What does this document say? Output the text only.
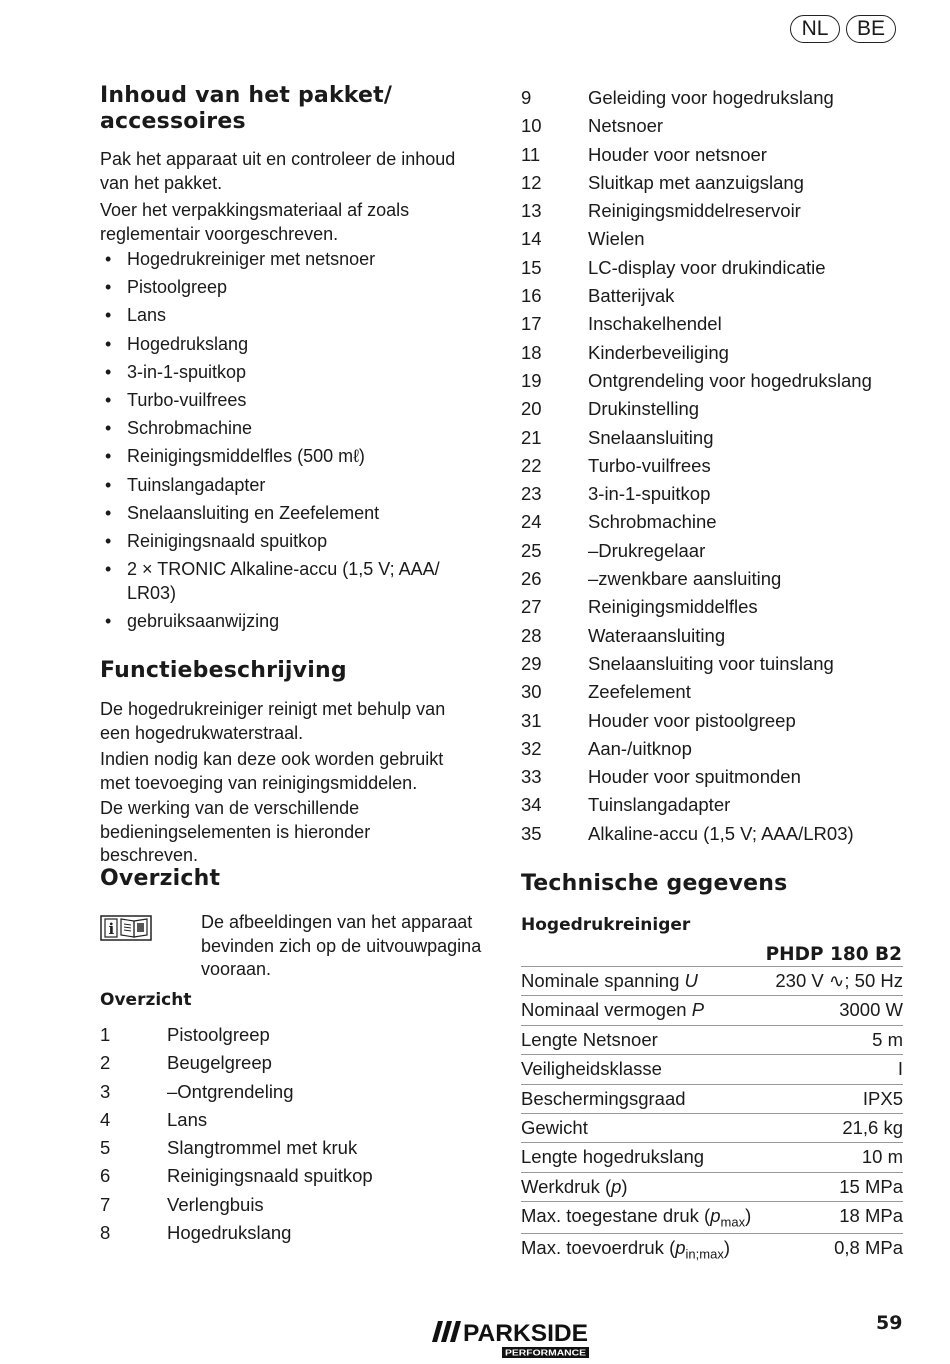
NL	BE
Inhoud van het pakket/
accessoires
Pak het apparaat uit en controleer de inhoud van het pakket.
Voer het verpakkingsmateriaal af zoals reglementair voorgeschreven.
• Hogedrukreiniger met netsnoer
• Pistoolgreep
• Lans
• Hogedrukslang
• 3-in-1-spuitkop
• Turbo-vuilfrees
• Schrobmachine
• Reinigingsmiddelfles (500 mℓ)
• Tuinslangadapter
• Snelaansluiting en Zeefelement
• Reinigingsnaald spuitkop
• 2 × TRONIC Alkaline-accu (1,5 V; AAA/ LR03)
• gebruiksaanwijzing
Functiebeschrijving
De hogedrukreiniger reinigt met behulp van een hogedrukwaterstraal.
Indien nodig kan deze ook worden gebruikt met toevoeging van reinigingsmiddelen.
De werking van de verschillende bedieningselementen is hieronder beschreven.
Overzicht
i	De afbeeldingen van het apparaat bevinden zich op de uitvouwpagina vooraan.
Overzicht
1	Pistoolgreep
2	Beugelgreep
3	–Ontgrendeling
4	Lans
5	Slangtrommel met kruk
6	Reinigingsnaald spuitkop
7	Verlengbuis
8	Hogedrukslang
9	Geleiding voor hogedrukslang
10	Netsnoer
11	Houder voor netsnoer
12	Sluitkap met aanzuigslang
13	Reinigingsmiddelreservoir
14	Wielen
15	LC-display voor drukindicatie
16	Batterijvak
17	Inschakelhendel
18	Kinderbeveiliging
19	Ontgrendeling voor hogedrukslang
20	Drukinstelling
21	Snelaansluiting
22	Turbo-vuilfrees
23	3-in-1-spuitkop
24	Schrobmachine
25	–Drukregelaar
26	–zwenkbare aansluiting
27	Reinigingsmiddelfles
28	Wateraansluiting
29	Snelaansluiting voor tuinslang
30	Zeefelement
31	Houder voor pistoolgreep
32	Aan-/uitknop
33	Houder voor spuitmonden
34	Tuinslangadapter
35	Alkaline-accu (1,5 V; AAA/LR03)
Technische gegevens
Hogedrukreiniger
PHDP 180 B2
Nominale spanning U	230 V ∿; 50 Hz
Nominaal vermogen P	3000 W
Lengte Netsnoer	5 m
Veiligheidsklasse	I
Beschermingsgraad	IPX5
Gewicht	21,6 kg
Lengte hogedrukslang	10 m
Werkdruk (p)	15 MPa
Max. toegestane druk $(p_{max})$	18 MPa
Max. toevoerdruk $(p_{in;max})$	0,8 MPa
PARKSIDE
PERFORMANCE
59
